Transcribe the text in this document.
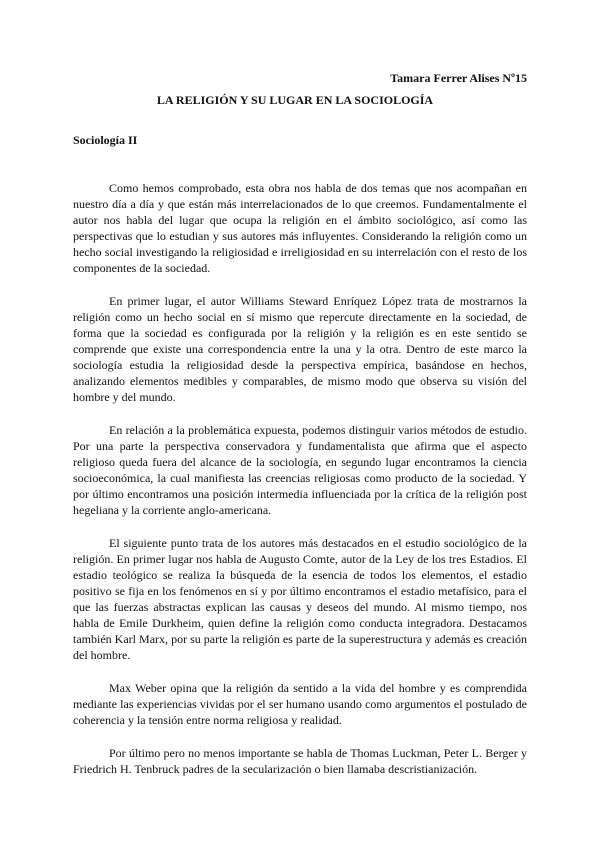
Tamara Ferrer Alises Nº15

LA RELIGIÓN Y SU LUGAR EN LA SOCIOLOGÍA

Sociología II

Como hemos comprobado, esta obra nos habla de dos temas que nos acompañan en nuestro día a día y que están más interrelacionados de lo que creemos. Fundamentalmente el autor nos habla del lugar que ocupa la religión en el ámbito sociológico, así como las perspectivas que lo estudian y sus autores más influyentes. Considerando la religión como un hecho social investigando la religiosidad e irreligiosidad en su interrelación con el resto de los componentes de la sociedad.

En primer lugar, el autor Williams Steward Enríquez López trata de mostrarnos la religión como un hecho social en sí mismo que repercute directamente en la sociedad, de forma que la sociedad es configurada por la religión y la religión es en este sentido se comprende que existe una correspondencia entre la una y la otra. Dentro de este marco la sociología estudia la religiosidad desde la perspectiva empírica, basándose en hechos, analizando elementos medibles y comparables, de mismo modo que observa su visión del hombre y del mundo.

En relación a la problemática expuesta, podemos distinguir varios métodos de estudio. Por una parte la perspectiva conservadora y fundamentalista que afirma que el aspecto religioso queda fuera del alcance de la sociología, en segundo lugar encontramos la ciencia socioeconómica, la cual manifiesta las creencias religiosas como producto de la sociedad. Y por último encontramos una posición intermedia influenciada por la crítica de la religión post hegeliana y la corriente anglo-americana.

El siguiente punto trata de los autores más destacados en el estudio sociológico de la religión. En primer lugar nos habla de Augusto Comte, autor de la Ley de los tres Estadios. El estadio teológico se realiza la búsqueda de la esencia de todos los elementos, el estadio positivo se fija en los fenómenos en sí y por último encontramos el estadio metafísico, para el que las fuerzas abstractas explican las causas y deseos del mundo. Al mismo tiempo, nos habla de Emile Durkheim, quien define la religión como conducta integradora. Destacamos también Karl Marx, por su parte la religión es parte de la superestructura y además es creación del hombre.

Max Weber opina que la religión da sentido a la vida del hombre y es comprendida mediante las experiencias vividas por el ser humano usando como argumentos el postulado de coherencia y la tensión entre norma religiosa y realidad.

Por último pero no menos importante se habla de Thomas Luckman, Peter L. Berger y Friedrich H. Tenbruck padres de la secularización o bien llamaba descristianización.
